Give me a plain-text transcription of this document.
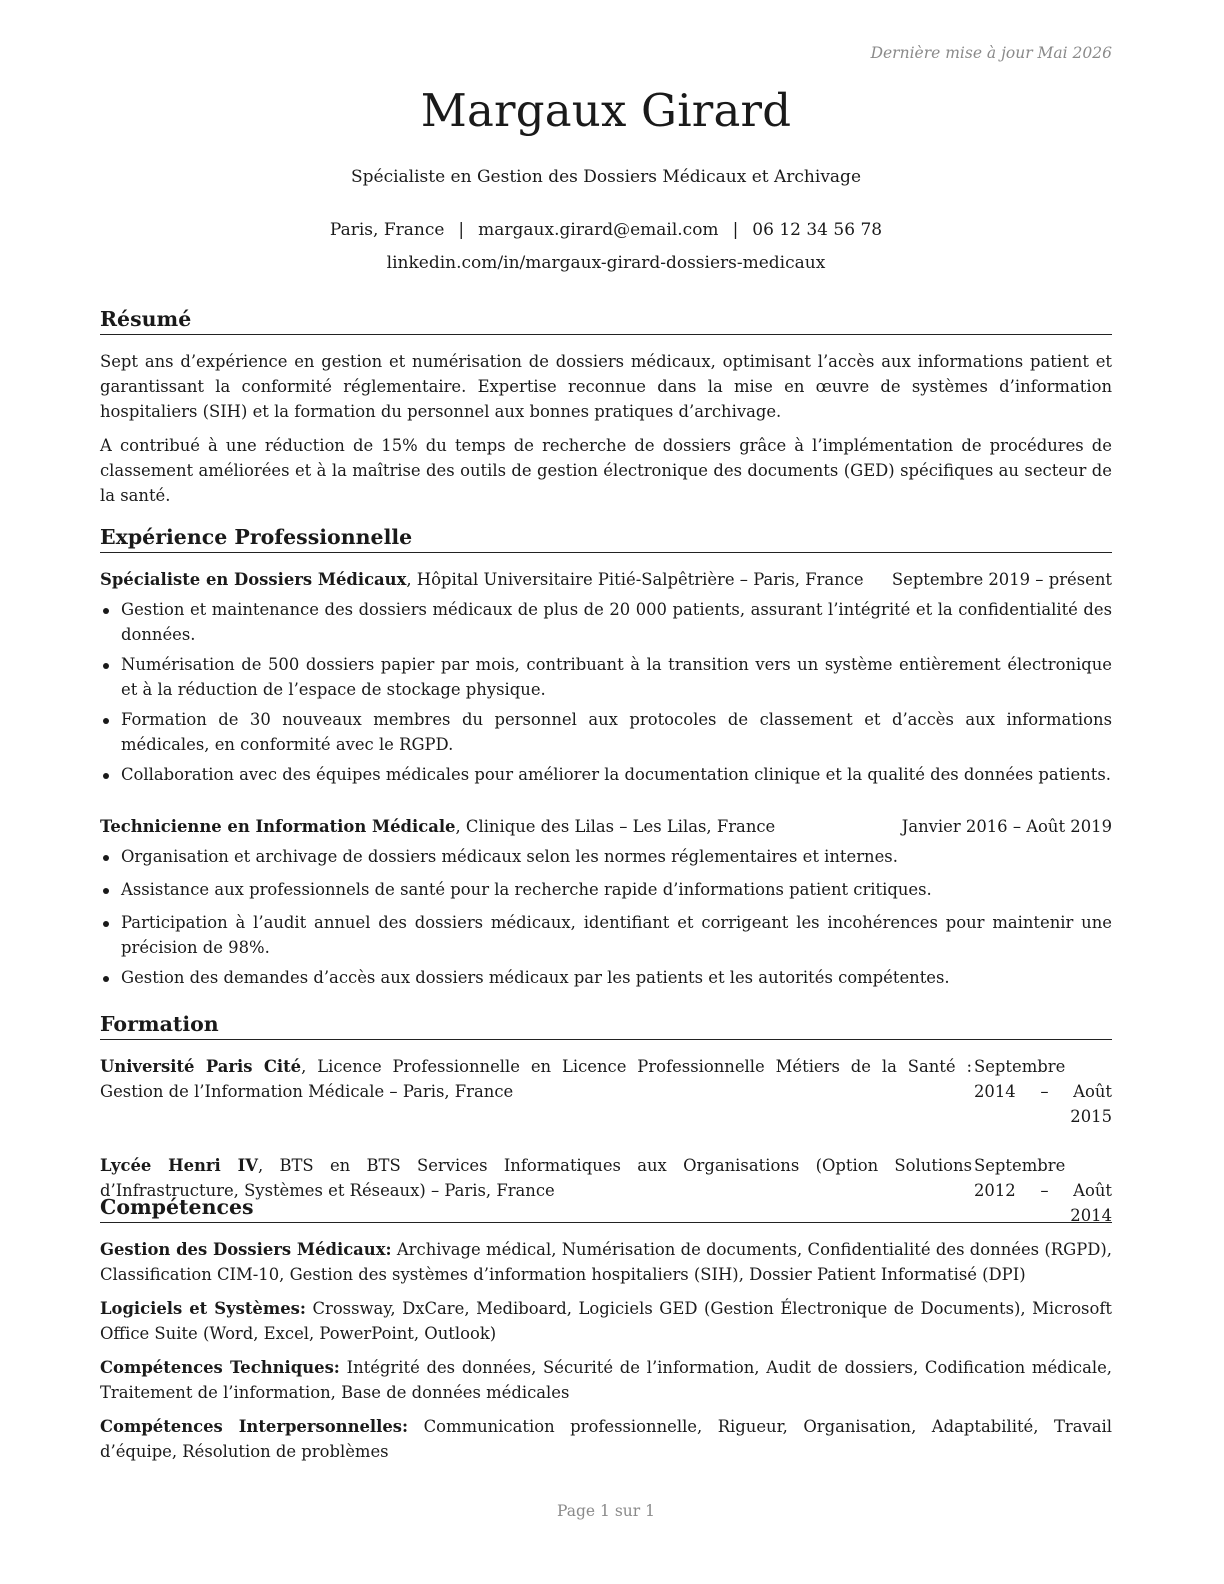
Dernière mise à jour Mai 2026
Margaux Girard
Spécialiste en Gestion des Dossiers Médicaux et Archivage
Paris, France | margaux.girard@email.com | 06 12 34 56 78
linkedin.com/in/margaux-girard-dossiers-medicaux
Résumé

Sept ans d’expérience en gestion et numérisation de dossiers médicaux, optimisant l’accès aux informations patient et garantissant la conformité réglementaire. Expertise reconnue dans la mise en œuvre de systèmes d’information hospitaliers (SIH) et la formation du personnel aux bonnes pratiques d’archivage.

A contribué à une réduction de 15% du temps de recherche de dossiers grâce à l’implémentation de procédures de classement améliorées et à la maîtrise des outils de gestion électronique des documents (GED) spécifiques au secteur de la santé.

Expérience Professionnelle
Spécialiste en Dossiers Médicaux, Hôpital Universitaire Pitié-Salpêtrière – Paris, France Septembre 2019 – présent
Gestion et maintenance des dossiers médicaux de plus de 20 000 patients, assurant l’intégrité et la confidentialité des données.
Numérisation de 500 dossiers papier par mois, contribuant à la transition vers un système entièrement électronique et à la réduction de l’espace de stockage physique.
Formation de 30 nouveaux membres du personnel aux protocoles de classement et d’accès aux informations médicales, en conformité avec le RGPD.
Collaboration avec des équipes médicales pour améliorer la documentation clinique et la qualité des données patients.
Technicienne en Information Médicale, Clinique des Lilas – Les Lilas, France	Janvier 2016 – Août 2019
Organisation et archivage de dossiers médicaux selon les normes réglementaires et internes.
Assistance aux professionnels de santé pour la recherche rapide d’informations patient critiques.
Participation à l’audit annuel des dossiers médicaux, identifiant et corrigeant les incohérences pour maintenir une précision de 98%.
Gestion des demandes d’accès aux dossiers médicaux par les patients et les autorités compétentes.
Formation
Université Paris Cité, Licence Professionnelle en Licence Professionnelle Métiers de la Santé : Gestion de l’Information Médicale – Paris, France
Septembre 2014 – Août 2015
Lycée Henri IV, BTS en BTS Services Informatiques aux Organisations (Option Solutions d’Infrastructure, Systèmes et Réseaux) – Paris, France
Septembre 2012 – Août 2014
Compétences

Gestion des Dossiers Médicaux: Archivage médical, Numérisation de documents, Confidentialité des données (RGPD), Classification CIM-10, Gestion des systèmes d’information hospitaliers (SIH), Dossier Patient Informatisé (DPI)

Logiciels et Systèmes: Crossway, DxCare, Mediboard, Logiciels GED (Gestion Électronique de Documents), Microsoft Office Suite (Word, Excel, PowerPoint, Outlook)

Compétences Techniques: Intégrité des données, Sécurité de l’information, Audit de dossiers, Codification médicale, Traitement de l’information, Base de données médicales

Compétences Interpersonnelles: Communication professionnelle, Rigueur, Organisation, Adaptabilité, Travail d’équipe, Résolution de problèmes

Page 1 sur 1
